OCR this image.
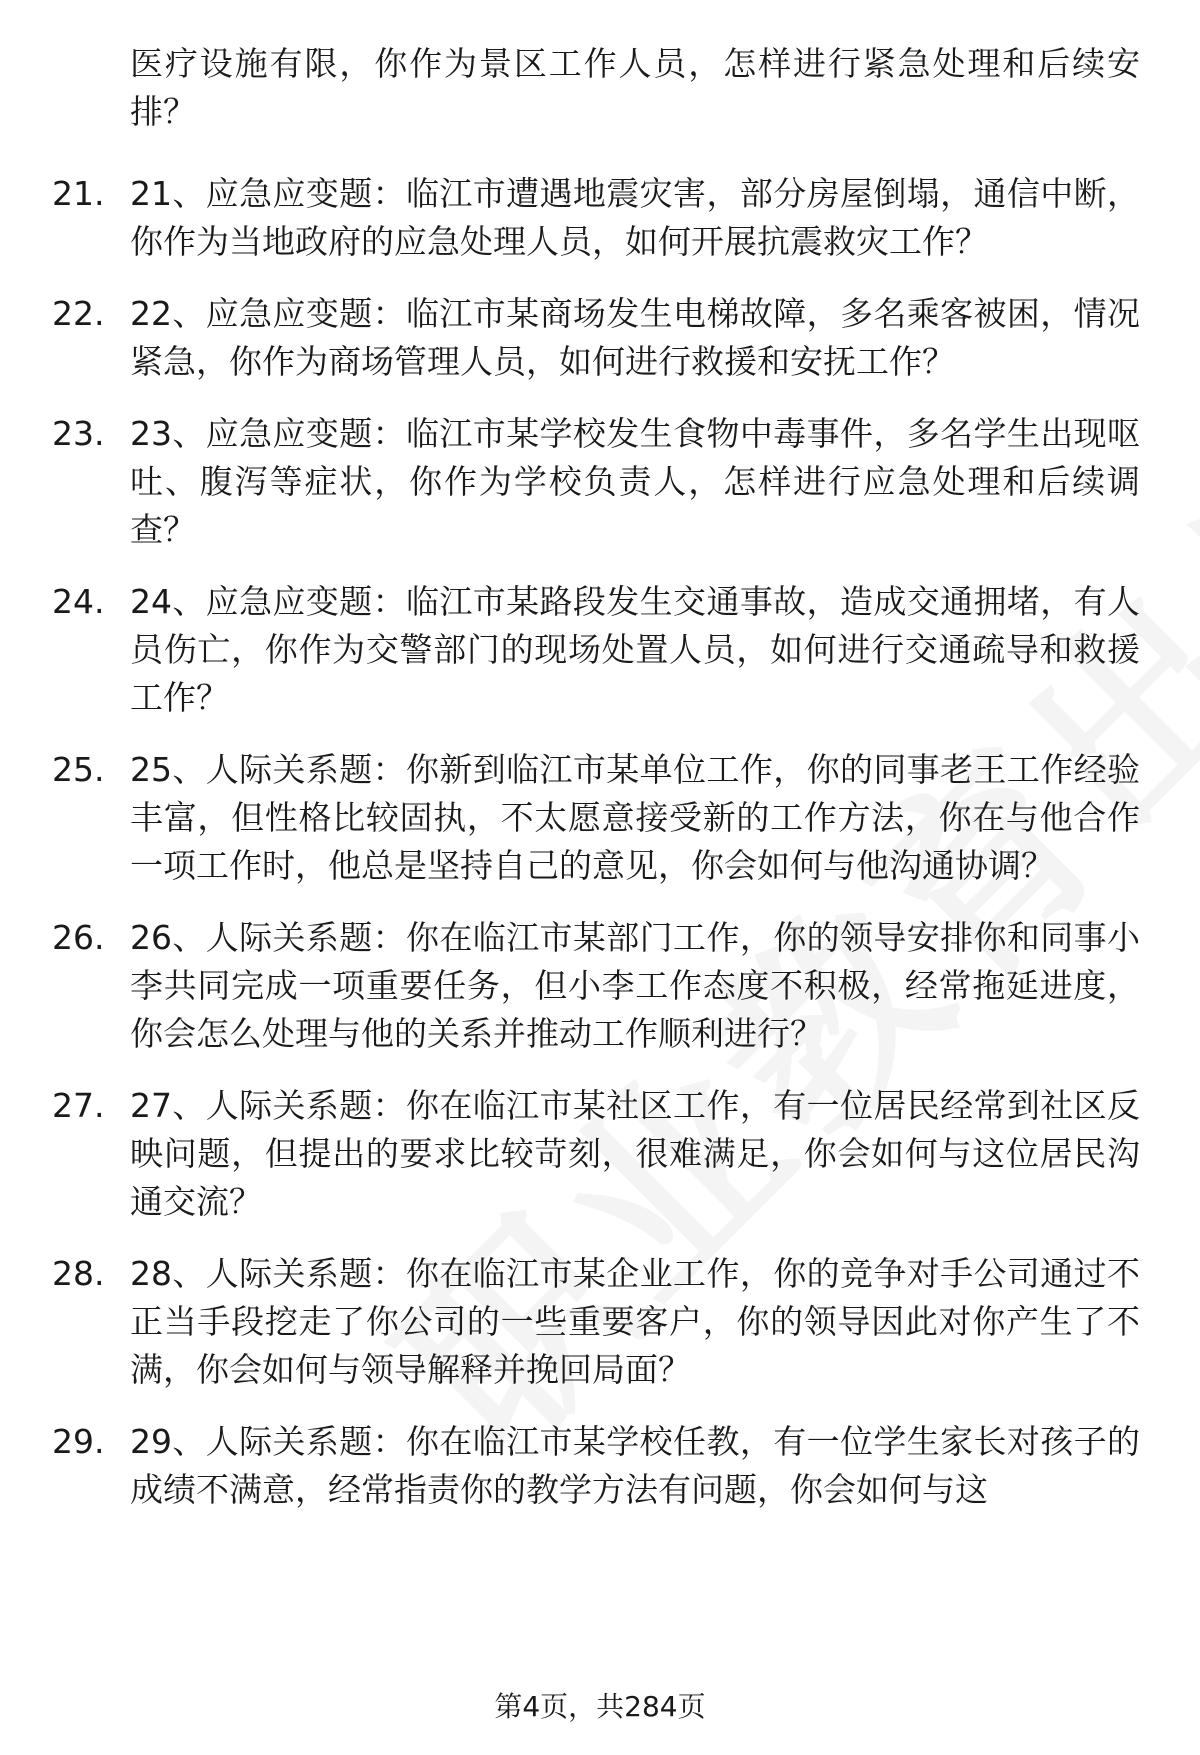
医疗设施有限，你作为景区工作人员，怎样进行紧急处理和后续安排？
21. 21、应急应变题：临江市遭遇地震灾害，部分房屋倒塌，通信中断，你作为当地政府的应急处理人员，如何开展抗震救灾工作？
22. 22、应急应变题：临江市某商场发生电梯故障，多名乘客被困，情况紧急，你作为商场管理人员，如何进行救援和安抚工作？
23. 23、应急应变题：临江市某学校发生食物中毒事件，多名学生出现呕吐、腹泻等症状，你作为学校负责人，怎样进行应急处理和后续调查？
24. 24、应急应变题：临江市某路段发生交通事故，造成交通拥堵，有人员伤亡，你作为交警部门的现场处置人员，如何进行交通疏导和救援工作？
25. 25、人际关系题：你新到临江市某单位工作，你的同事老王工作经验丰富，但性格比较固执，不太愿意接受新的工作方法，你在与他合作一项工作时，他总是坚持自己的意见，你会如何与他沟通协调？
26. 26、人际关系题：你在临江市某部门工作，你的领导安排你和同事小李共同完成一项重要任务，但小李工作态度不积极，经常拖延进度，你会怎么处理与他的关系并推动工作顺利进行？
27. 27、人际关系题：你在临江市某社区工作，有一位居民经常到社区反映问题，但提出的要求比较苛刻，很难满足，你会如何与这位居民沟通交流？
28. 28、人际关系题：你在临江市某企业工作，你的竞争对手公司通过不正当手段挖走了你公司的一些重要客户，你的领导因此对你产生了不满，你会如何与领导解释并挽回局面？
29. 29、人际关系题：你在临江市某学校任教，有一位学生家长对孩子的成绩不满意，经常指责你的教学方法有问题，你会如何与这
第4页，共284页
